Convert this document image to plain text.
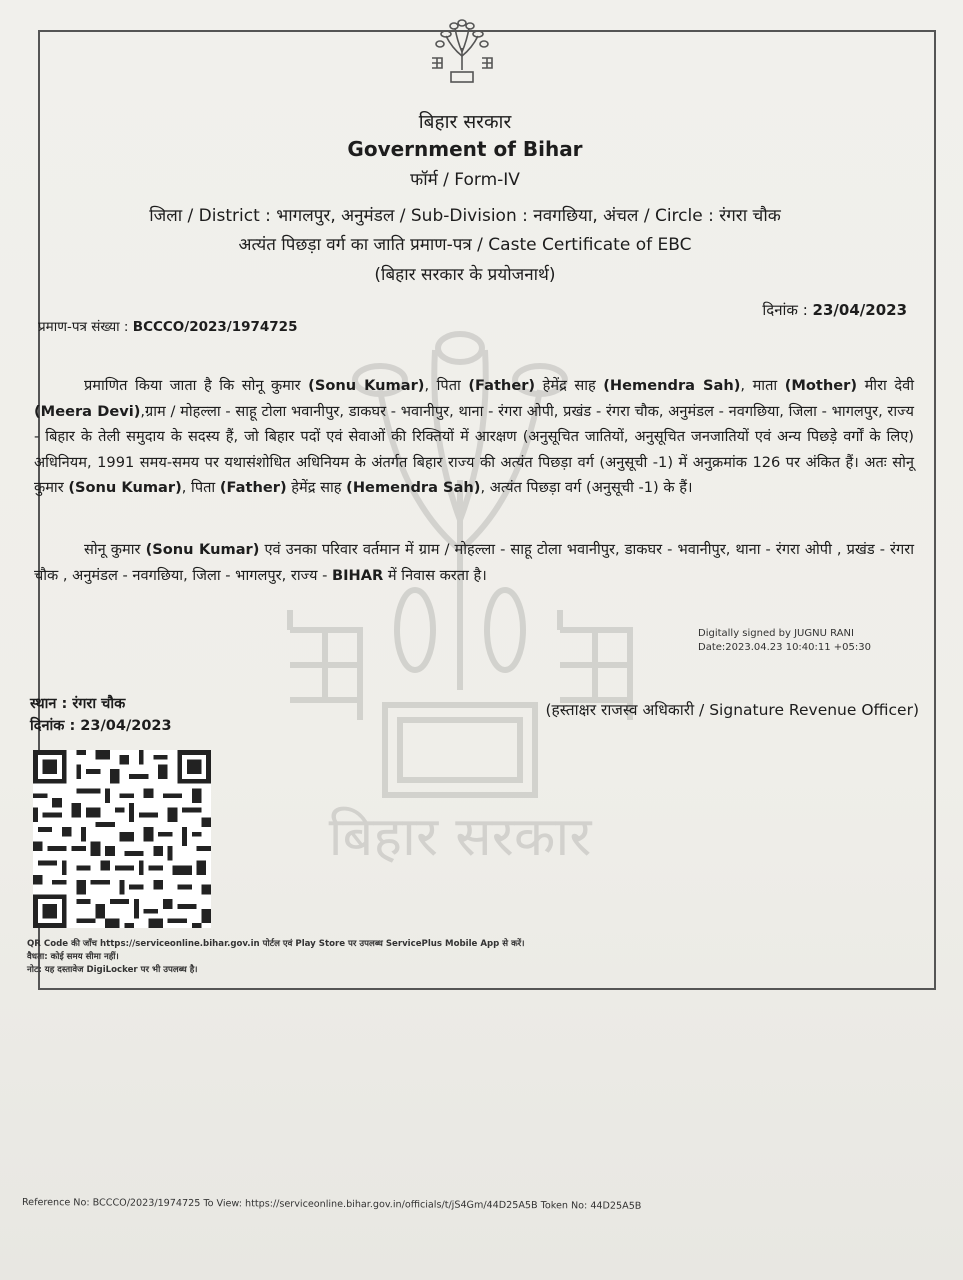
बिहार सरकार
बिहार सरकार
Government of Bihar
फॉर्म / Form-IV
जिला / District : भागलपुर, अनुमंडल / Sub-Division : नवगछिया, अंचल / Circle : रंगरा चौक
अत्यंत पिछड़ा वर्ग का जाति प्रमाण-पत्र / Caste Certificate of EBC
(बिहार सरकार के प्रयोजनार्थ)
प्रमाण-पत्र संख्या : BCCCO/2023/1974725
दिनांक : 23/04/2023
प्रमाणित किया जाता है कि सोनू कुमार (Sonu Kumar), पिता (Father) हेमेंद्र साह (Hemendra Sah), माता (Mother) मीरा देवी (Meera Devi),ग्राम / मोहल्ला - साहू टोला भवानीपुर, डाकघर - भवानीपुर, थाना - रंगरा ओपी, प्रखंड - रंगरा चौक, अनुमंडल - नवगछिया, जिला - भागलपुर, राज्य - बिहार के तेली समुदाय के सदस्य हैं, जो बिहार पदों एवं सेवाओं की रिक्तियों में आरक्षण (अनुसूचित जातियों, अनुसूचित जनजातियों एवं अन्य पिछड़े वर्गों के लिए) अधिनियम, 1991 समय-समय पर यथासंशोधित अधिनियम के अंतर्गत बिहार राज्य की अत्यंत पिछड़ा वर्ग (अनुसूची -1) में अनुक्रमांक 126 पर अंकित हैं। अतः सोनू कुमार (Sonu Kumar), पिता (Father) हेमेंद्र साह (Hemendra Sah), अत्यंत पिछड़ा वर्ग (अनुसूची -1) के हैं।
सोनू कुमार (Sonu Kumar) एवं उनका परिवार वर्तमान में ग्राम / मोहल्ला - साहू टोला भवानीपुर, डाकघर - भवानीपुर, थाना - रंगरा ओपी , प्रखंड - रंगरा चौक , अनुमंडल - नवगछिया, जिला - भागलपुर, राज्य - BIHAR में निवास करता है।
Digitally signed by JUGNU RANI
Date:2023.04.23 10:40:11 +05:30
स्थान : रंगरा चौक
दिनांक : 23/04/2023
(हस्ताक्षर राजस्व अधिकारी / Signature Revenue Officer)
QR Code की जाँच https://serviceonline.bihar.gov.in पोर्टल एवं Play Store पर उपलब्ध ServicePlus Mobile App से करें।
वैधता: कोई समय सीमा नहीं।
नोट: यह दस्तावेज DigiLocker पर भी उपलब्ध है।
Reference No: BCCCO/2023/1974725 To View: https://serviceonline.bihar.gov.in/officials/t/jS4Gm/44D25A5B Token No: 44D25A5B
